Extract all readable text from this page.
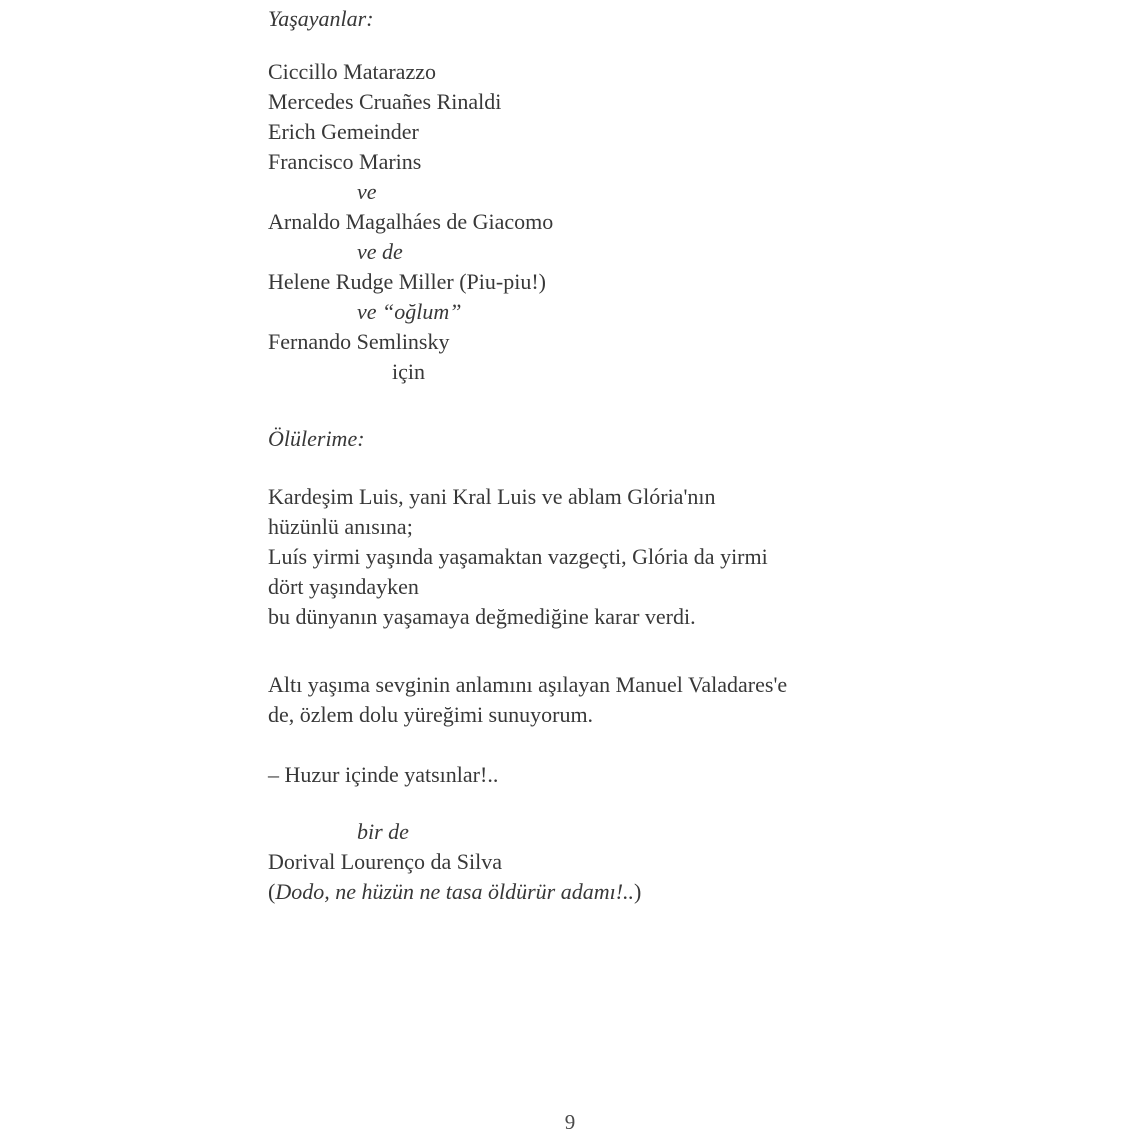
Yaşayanlar:
Ciccillo Matarazzo
Mercedes Cruañes Rinaldi
Erich Gemeinder
Francisco Marins
ve
Arnaldo Magalháes de Giacomo
ve de
Helene Rudge Miller (Piu-piu!)
ve “oğlum”
Fernando Semlinsky
için
Ölülerime:
Kardeşim Luis, yani Kral Luis ve ablam Glória'nın
hüzünlü anısına;
Luís yirmi yaşında yaşamaktan vazgeçti, Glória da yirmi
dört yaşındayken
bu dünyanın yaşamaya değmediğine karar verdi.
Altı yaşıma sevginin anlamını aşılayan Manuel Valadares'e
de, özlem dolu yüreğimi sunuyorum.
– Huzur içinde yatsınlar!..
bir de
Dorival Lourenço da Silva
(Dodo, ne hüzün ne tasa öldürür adamı!..)
9
